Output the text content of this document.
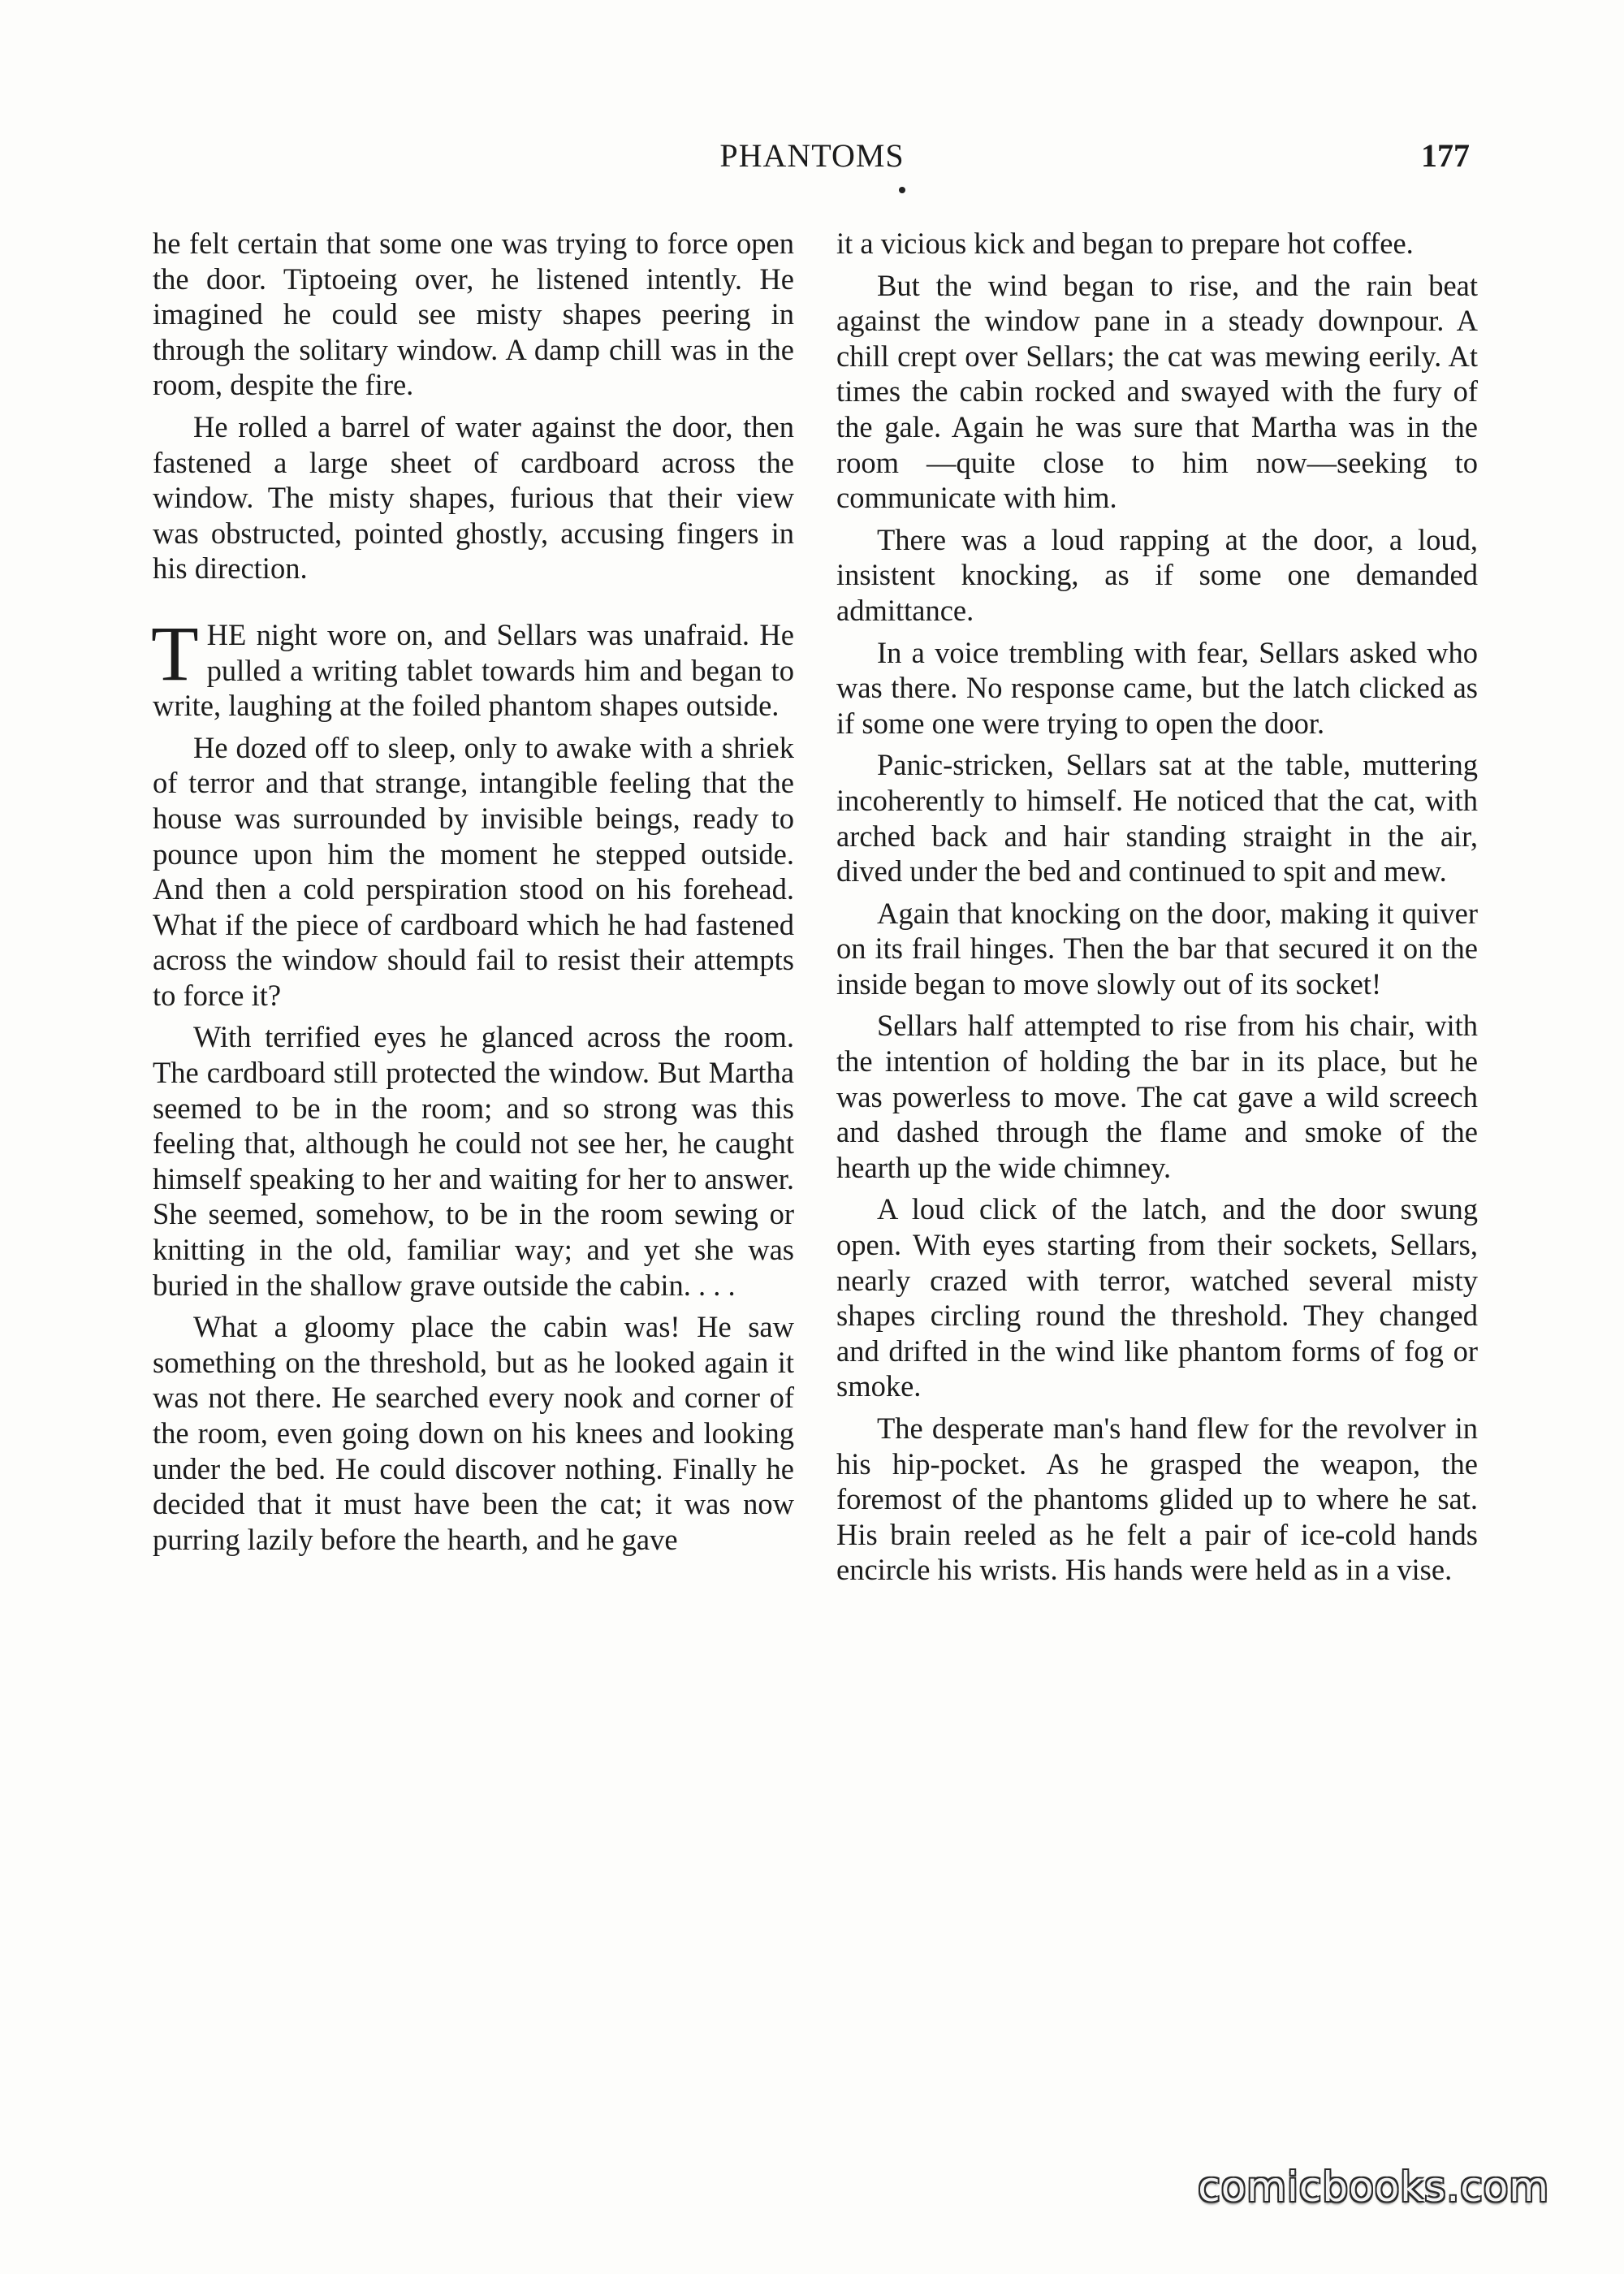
PHANTOMS	177

he felt certain that some one was trying to force open the door. Tiptoeing over, he listened intently. He imagined he could see misty shapes peering in through the solitary window. A damp chill was in the room, despite the fire.

He rolled a barrel of water against the door, then fastened a large sheet of cardboard across the window. The misty shapes, furious that their view was obstructed, pointed ghostly, accusing fingers in his direction.

T HE night wore on, and Sellars was unafraid. He pulled a writing tablet towards him and began to write, laughing at the foiled phantom shapes outside.

He dozed off to sleep, only to awake with a shriek of terror and that strange, intangible feeling that the house was surrounded by invisible beings, ready to pounce upon him the moment he stepped outside. And then a cold perspiration stood on his forehead. What if the piece of cardboard which he had fastened across the window should fail to resist their attempts to force it?

With terrified eyes he glanced across the room. The cardboard still protected the window. But Martha seemed to be in the room; and so strong was this feeling that, although he could not see her, he caught himself speaking to her and waiting for her to answer. She seemed, somehow, to be in the room sewing or knitting in the old, familiar way; and yet she was buried in the shallow grave outside the cabin. . . .

What a gloomy place the cabin was! He saw something on the threshold, but as he looked again it was not there. He searched every nook and corner of the room, even going down on his knees and looking under the bed. He could discover nothing. Finally he decided that it must have been the cat; it was now purring lazily before the hearth, and he gave

it a vicious kick and began to prepare hot coffee.

But the wind began to rise, and the rain beat against the window pane in a steady downpour. A chill crept over Sellars; the cat was mewing eerily. At times the cabin rocked and swayed with the fury of the gale. Again he was sure that Martha was in the room —quite close to him now—seeking to communicate with him.

There was a loud rapping at the door, a loud, insistent knocking, as if some one demanded admittance.

In a voice trembling with fear, Sellars asked who was there. No response came, but the latch clicked as if some one were trying to open the door.

Panic-stricken, Sellars sat at the table, muttering incoherently to himself. He noticed that the cat, with arched back and hair standing straight in the air, dived under the bed and continued to spit and mew.

Again that knocking on the door, making it quiver on its frail hinges. Then the bar that secured it on the inside began to move slowly out of its socket!

Sellars half attempted to rise from his chair, with the intention of holding the bar in its place, but he was powerless to move. The cat gave a wild screech and dashed through the flame and smoke of the hearth up the wide chimney.

A loud click of the latch, and the door swung open. With eyes starting from their sockets, Sellars, nearly crazed with terror, watched several misty shapes circling round the threshold. They changed and drifted in the wind like phantom forms of fog or smoke.

The desperate man's hand flew for the revolver in his hip-pocket. As he grasped the weapon, the foremost of the phantoms glided up to where he sat. His brain reeled as he felt a pair of ice-cold hands encircle his wrists. His hands were held as in a vise.

comicbooks.com
